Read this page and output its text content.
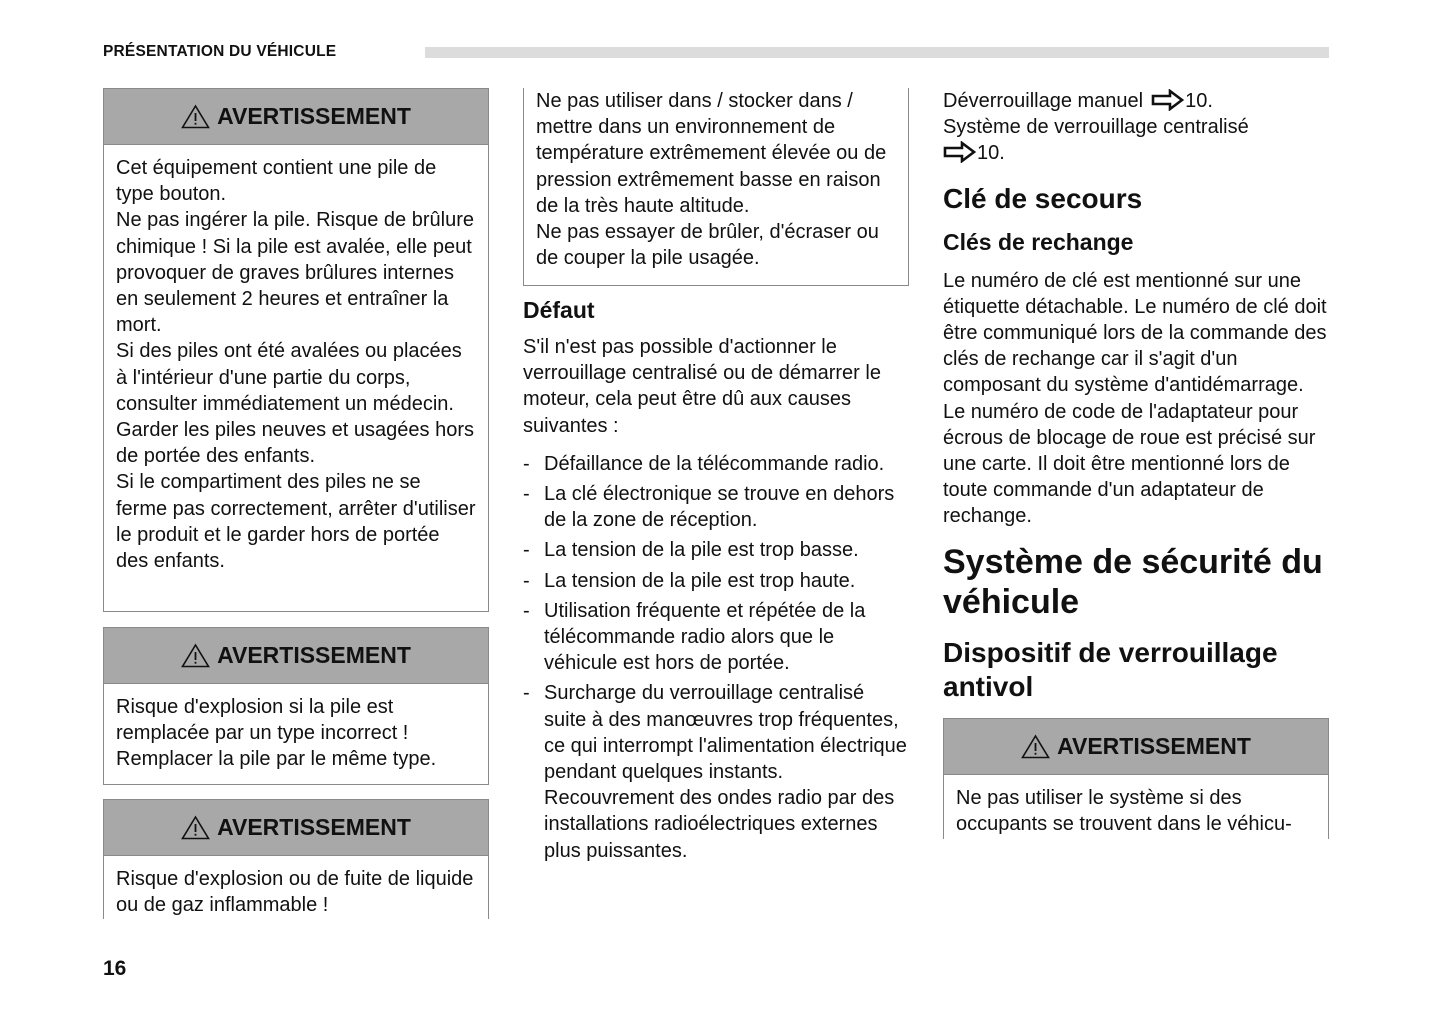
PRÉSENTATION DU VÉHICULE
AVERTISSEMENT

Cet équipement contient une pile de type bouton.

Ne pas ingérer la pile. Risque de brûlure chimique ! Si la pile est avalée, elle peut provoquer de graves brûlures internes en seulement 2 heures et entraîner la mort.

Si des piles ont été avalées ou placées à l'intérieur d'une partie du corps, consulter immédiatement un médecin.

Garder les piles neuves et usagées hors de portée des enfants.

Si le compartiment des piles ne se ferme pas correctement, arrêter d'utiliser le produit et le garder hors de portée des enfants.

AVERTISSEMENT

Risque d'explosion si la pile est remplacée par un type incorrect ! Remplacer la pile par le même type.

AVERTISSEMENT

Risque d'explosion ou de fuite de liquide ou de gaz inflammable !

Ne pas utiliser dans / stocker dans / mettre dans un environnement de température extrêmement élevée ou de pression extrêmement basse en raison de la très haute altitude.

Ne pas essayer de brûler, d'écraser ou de couper la pile usagée.

Défaut

S'il n'est pas possible d'actionner le verrouillage centralisé ou de démarrer le moteur, cela peut être dû aux causes suivantes :

- Défaillance de la télécommande radio.
- La clé électronique se trouve en dehors de la zone de réception.
- La tension de la pile est trop basse.
- La tension de la pile est trop haute.
- Utilisation fréquente et répétée de la télécommande radio alors que le véhicule est hors de portée.
- Surcharge du verrouillage centralisé suite à des manœuvres trop fréquentes, ce qui interrompt l'alimentation électrique pendant quelques instants. Recouvrement des ondes radio par des installations radioélectriques externes plus puissantes.

Déverrouillage manuel 10.

Système de verrouillage centralisé

10.

Clé de secours
Clés de rechange

Le numéro de clé est mentionné sur une étiquette détachable. Le numéro de clé doit être communiqué lors de la commande des clés de rechange car il s'agit d'un composant du système d'antidémarrage.

Le numéro de code de l'adaptateur pour écrous de blocage de roue est précisé sur une carte. Il doit être mentionné lors de toute commande d'un adaptateur de rechange.

Système de sécurité du véhicule
Dispositif de verrouillage antivol
AVERTISSEMENT

Ne pas utiliser le système si des occupants se trouvent dans le véhicu-

16
